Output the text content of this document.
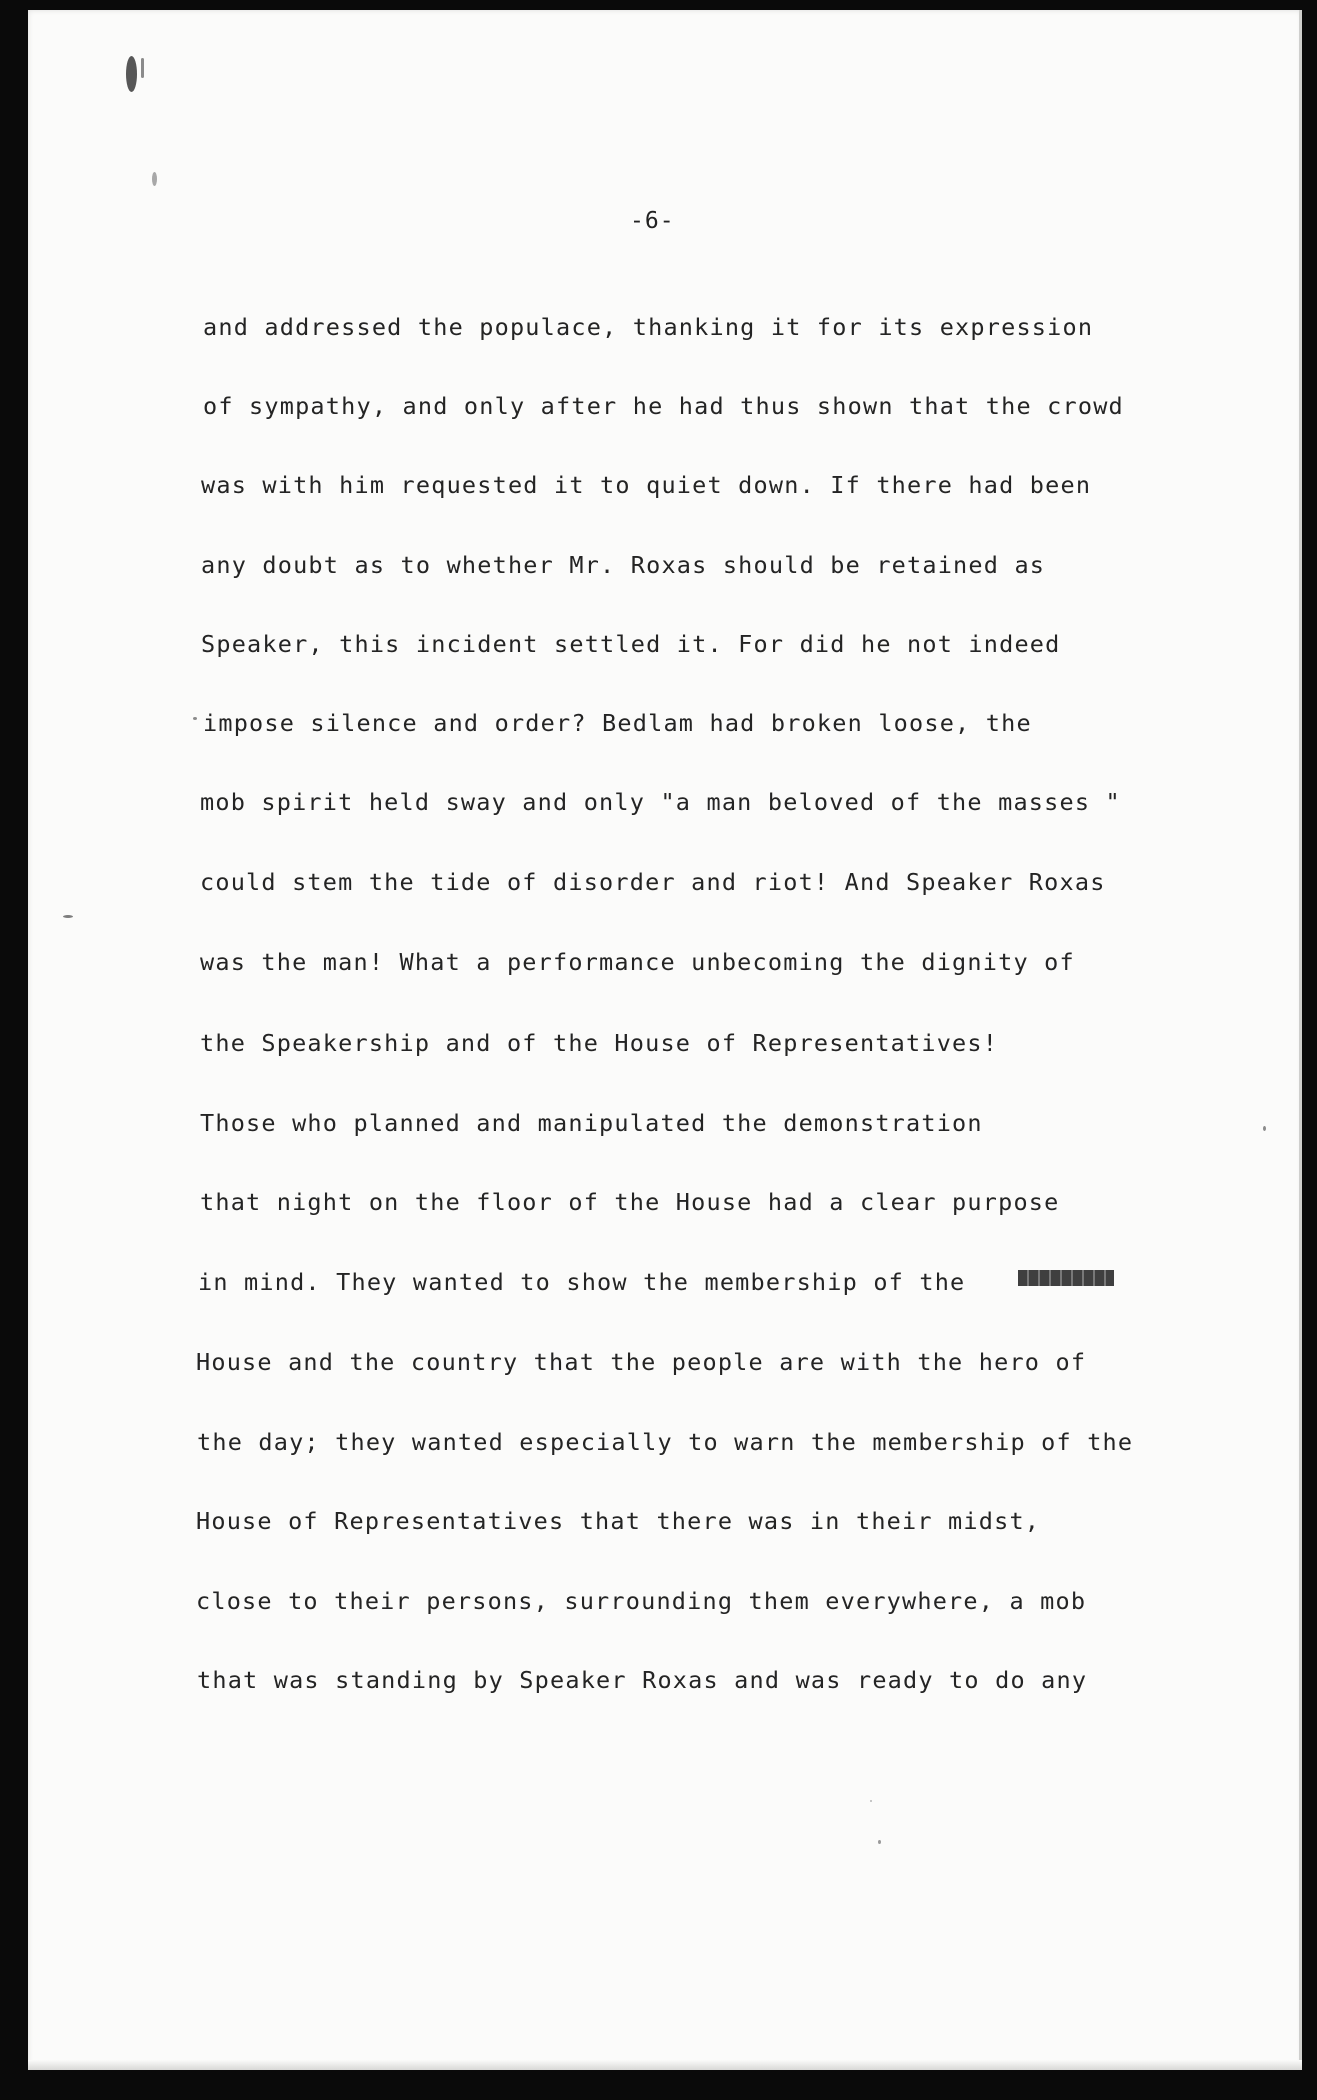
-6-
and addressed the populace, thanking it for its expression
of sympathy, and only after he had thus shown that the crowd
was with him requested it to quiet down. If there had been
any doubt as to whether Mr. Roxas should be retained as
Speaker, this incident settled it. For did he not indeed
impose silence and order? Bedlam had broken loose, the
mob spirit held sway and only "a man beloved of the masses "
could stem the tide of disorder and riot! And Speaker Roxas
was the man! What a performance unbecoming the dignity of
the Speakership and of the House of Representatives!
Those who planned and manipulated the demonstration
that night on the floor of the House had a clear purpose
in mind. They wanted to show the membership of the
House and the country that the people are with the hero of
the day; they wanted especially to warn the membership of the
House of Representatives that there was in their midst,
close to their persons, surrounding them everywhere, a mob
that was standing by Speaker Roxas and was ready to do any
